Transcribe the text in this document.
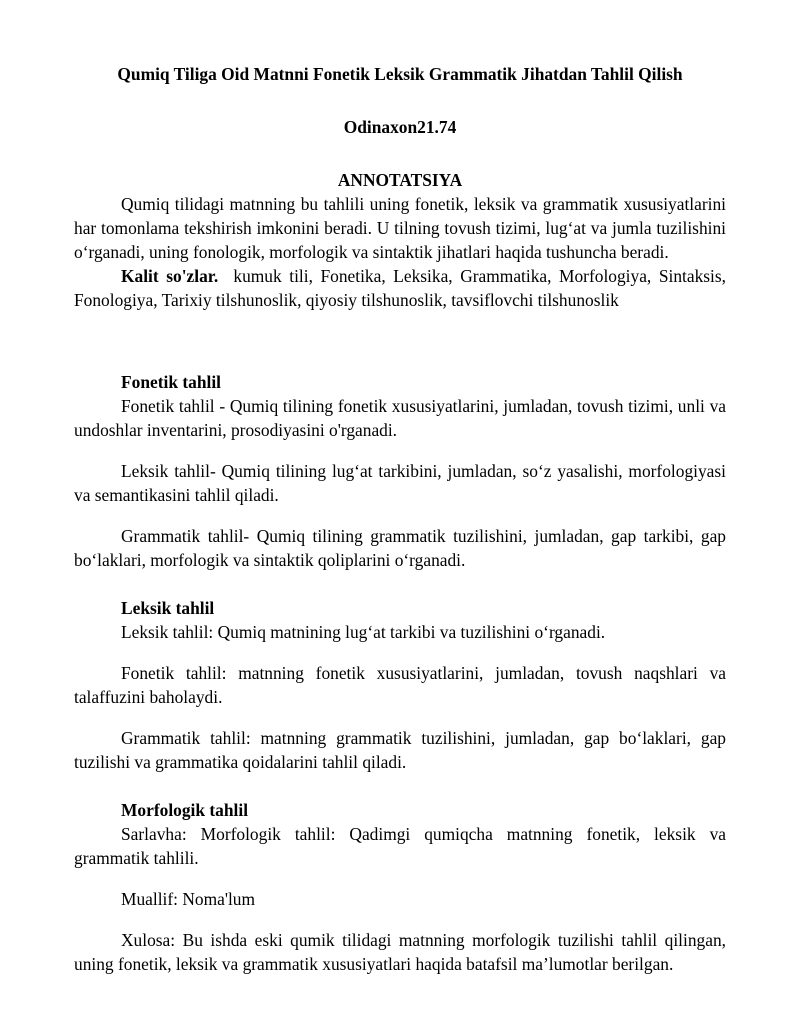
Qumiq Tiliga Oid Matnni Fonetik Leksik Grammatik Jihatdan Tahlil Qilish
Odinaxon21.74
ANNOTATSIYA

Qumiq tilidagi matnning bu tahlili uning fonetik, leksik va grammatik xususiyatlarini har tomonlama tekshirish imkonini beradi. U tilning tovush tizimi, lug‘at va jumla tuzilishini o‘rganadi, uning fonologik, morfologik va sintaktik jihatlari haqida tushuncha beradi.

Kalit so'zlar.  kumuk tili, Fonetika, Leksika, Grammatika, Morfologiya, Sintaksis, Fonologiya, Tarixiy tilshunoslik, qiyosiy tilshunoslik, tavsiflovchi tilshunoslik

Fonetik tahlil

Fonetik tahlil - Qumiq tilining fonetik xususiyatlarini, jumladan, tovush tizimi, unli va undoshlar inventarini, prosodiyasini o'rganadi.

Leksik tahlil- Qumiq tilining lug‘at tarkibini, jumladan, so‘z yasalishi, morfologiyasi va semantikasini tahlil qiladi.

Grammatik tahlil- Qumiq tilining grammatik tuzilishini, jumladan, gap tarkibi, gap bo‘laklari, morfologik va sintaktik qoliplarini o‘rganadi.

Leksik tahlil

Leksik tahlil: Qumiq matnining lug‘at tarkibi va tuzilishini o‘rganadi.

Fonetik tahlil: matnning fonetik xususiyatlarini, jumladan, tovush naqshlari va talaffuzini baholaydi.

Grammatik tahlil: matnning grammatik tuzilishini, jumladan, gap bo‘laklari, gap tuzilishi va grammatika qoidalarini tahlil qiladi.

Morfologik tahlil

Sarlavha: Morfologik tahlil: Qadimgi qumiqcha matnning fonetik, leksik va grammatik tahlili.

Muallif: Noma'lum

Xulosa: Bu ishda eski qumik tilidagi matnning morfologik tuzilishi tahlil qilingan, uning fonetik, leksik va grammatik xususiyatlari haqida batafsil ma’lumotlar berilgan.
